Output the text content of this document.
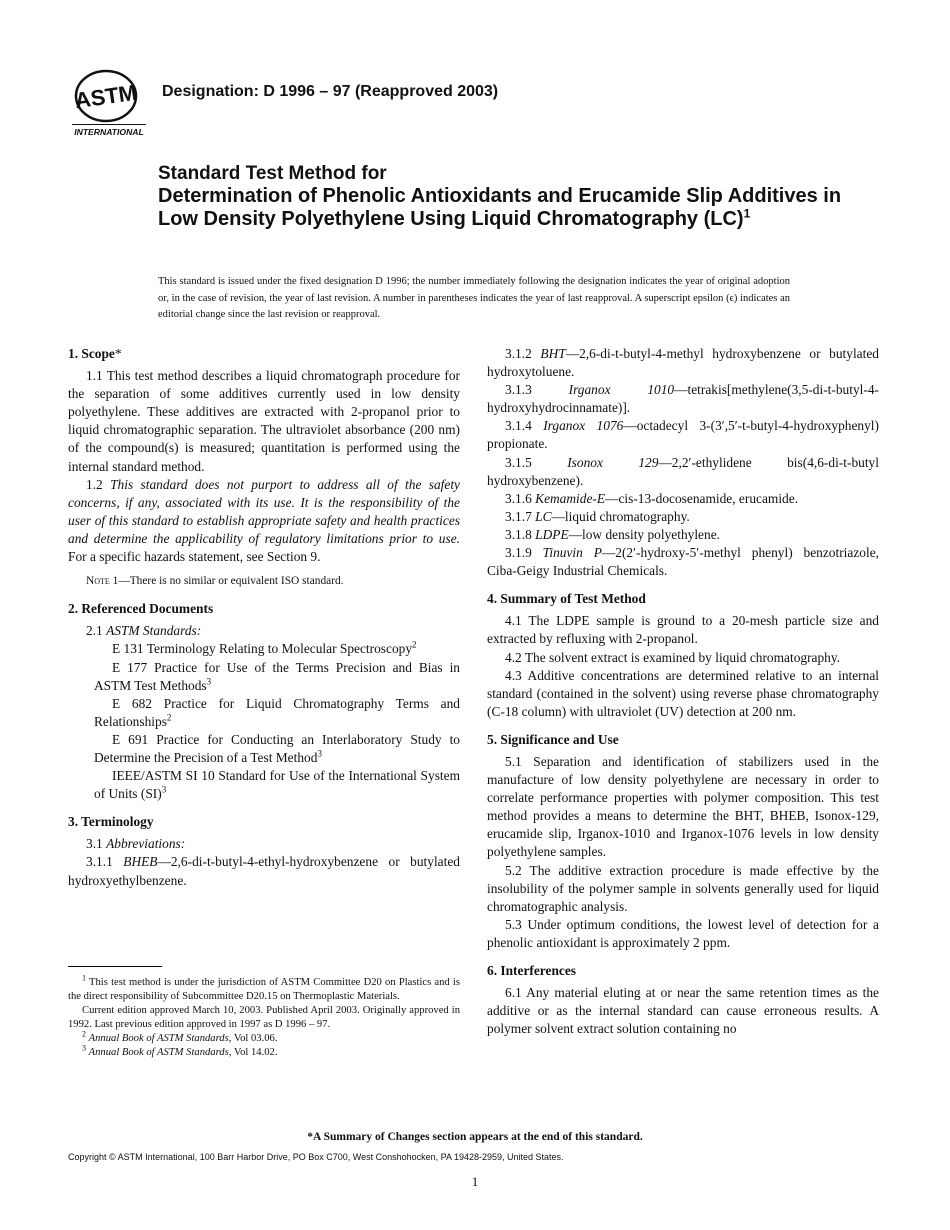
ASTM
INTERNATIONAL
Designation: D 1996 – 97 (Reapproved 2003)
Standard Test Method for
Determination of Phenolic Antioxidants and Erucamide Slip Additives in Low Density Polyethylene Using Liquid Chromatography (LC)$^1$
This standard is issued under the fixed designation D 1996; the number immediately following the designation indicates the year of original adoption or, in the case of revision, the year of last revision. A number in parentheses indicates the year of last reapproval. A superscript epsilon (ϵ) indicates an editorial change since the last revision or reapproval.
1. Scope*

1.1 This test method describes a liquid chromatograph procedure for the separation of some additives currently used in low density polyethylene. These additives are extracted with 2-propanol prior to liquid chromatographic separation. The ultraviolet absorbance (200 nm) of the compound(s) is measured; quantitation is performed using the internal standard method.

1.2 This standard does not purport to address all of the safety concerns, if any, associated with its use. It is the responsibility of the user of this standard to establish appropriate safety and health practices and determine the applicability of regulatory limitations prior to use. For a specific hazards statement, see Section 9.

Note 1—There is no similar or equivalent ISO standard.

2. Referenced Documents

2.1 ASTM Standards:

E 131 Terminology Relating to Molecular Spectroscopy$^2$

E 177 Practice for Use of the Terms Precision and Bias in ASTM Test Methods$^3$

E 682 Practice for Liquid Chromatography Terms and Relationships$^2$

E 691 Practice for Conducting an Interlaboratory Study to Determine the Precision of a Test Method$^3$

IEEE/ASTM SI 10 Standard for Use of the International System of Units (SI)$^3$

3. Terminology

3.1 Abbreviations:

3.1.1 BHEB—2,6-di-t-butyl-4-ethyl-hydroxybenzene or butylated hydroxyethylbenzene.

3.1.2 BHT—2,6-di-t-butyl-4-methyl hydroxybenzene or butylated hydroxytoluene.

3.1.3	Irganox 1010—tetrakis[methylene(3,5-di-t-butyl-4-hydroxyhydrocinnamate)].

3.1.4 Irganox 1076—octadecyl 3-(3′,5′-t-butyl-4-hydroxyphenyl) propionate.

3.1.5	Isonox 129—2,2′-ethylidene bis(4,6-di-t-butyl hydroxybenzene).

3.1.6 Kemamide-E—cis-13-docosenamide, erucamide.

3.1.7 LC—liquid chromatography.

3.1.8 LDPE—low density polyethylene.

3.1.9 Tinuvin P—2(2′-hydroxy-5′-methyl phenyl) benzotriazole, Ciba-Geigy Industrial Chemicals.

4. Summary of Test Method

4.1 The LDPE sample is ground to a 20-mesh particle size and extracted by refluxing with 2-propanol.

4.2 The solvent extract is examined by liquid chromatography.

4.3 Additive concentrations are determined relative to an internal standard (contained in the solvent) using reverse phase chromatography (C-18 column) with ultraviolet (UV) detection at 200 nm.

5. Significance and Use

5.1 Separation and identification of stabilizers used in the manufacture of low density polyethylene are necessary in order to correlate performance properties with polymer composition. This test method provides a means to determine the BHT, BHEB, Isonox-129, erucamide slip, Irganox-1010 and Irganox-1076 levels in low density polyethylene samples.

5.2 The additive extraction procedure is made effective by the insolubility of the polymer sample in solvents generally used for liquid chromatographic analysis.

5.3 Under optimum conditions, the lowest level of detection for a phenolic antioxidant is approximately 2 ppm.

6. Interferences

6.1 Any material eluting at or near the same retention times as the additive or as the internal standard can cause erroneous results. A polymer solvent extract solution containing no

$^1$ This test method is under the jurisdiction of ASTM Committee D20 on Plastics and is the direct responsibility of Subcommittee D20.15 on Thermoplastic Materials.

Current edition approved March 10, 2003. Published April 2003. Originally approved in 1992. Last previous edition approved in 1997 as D 1996 – 97.

$^2$ Annual Book of ASTM Standards, Vol 03.06.

$^3$ Annual Book of ASTM Standards, Vol 14.02.

*A Summary of Changes section appears at the end of this standard.
Copyright © ASTM International, 100 Barr Harbor Drive, PO Box C700, West Conshohocken, PA 19428-2959, United States.
1
